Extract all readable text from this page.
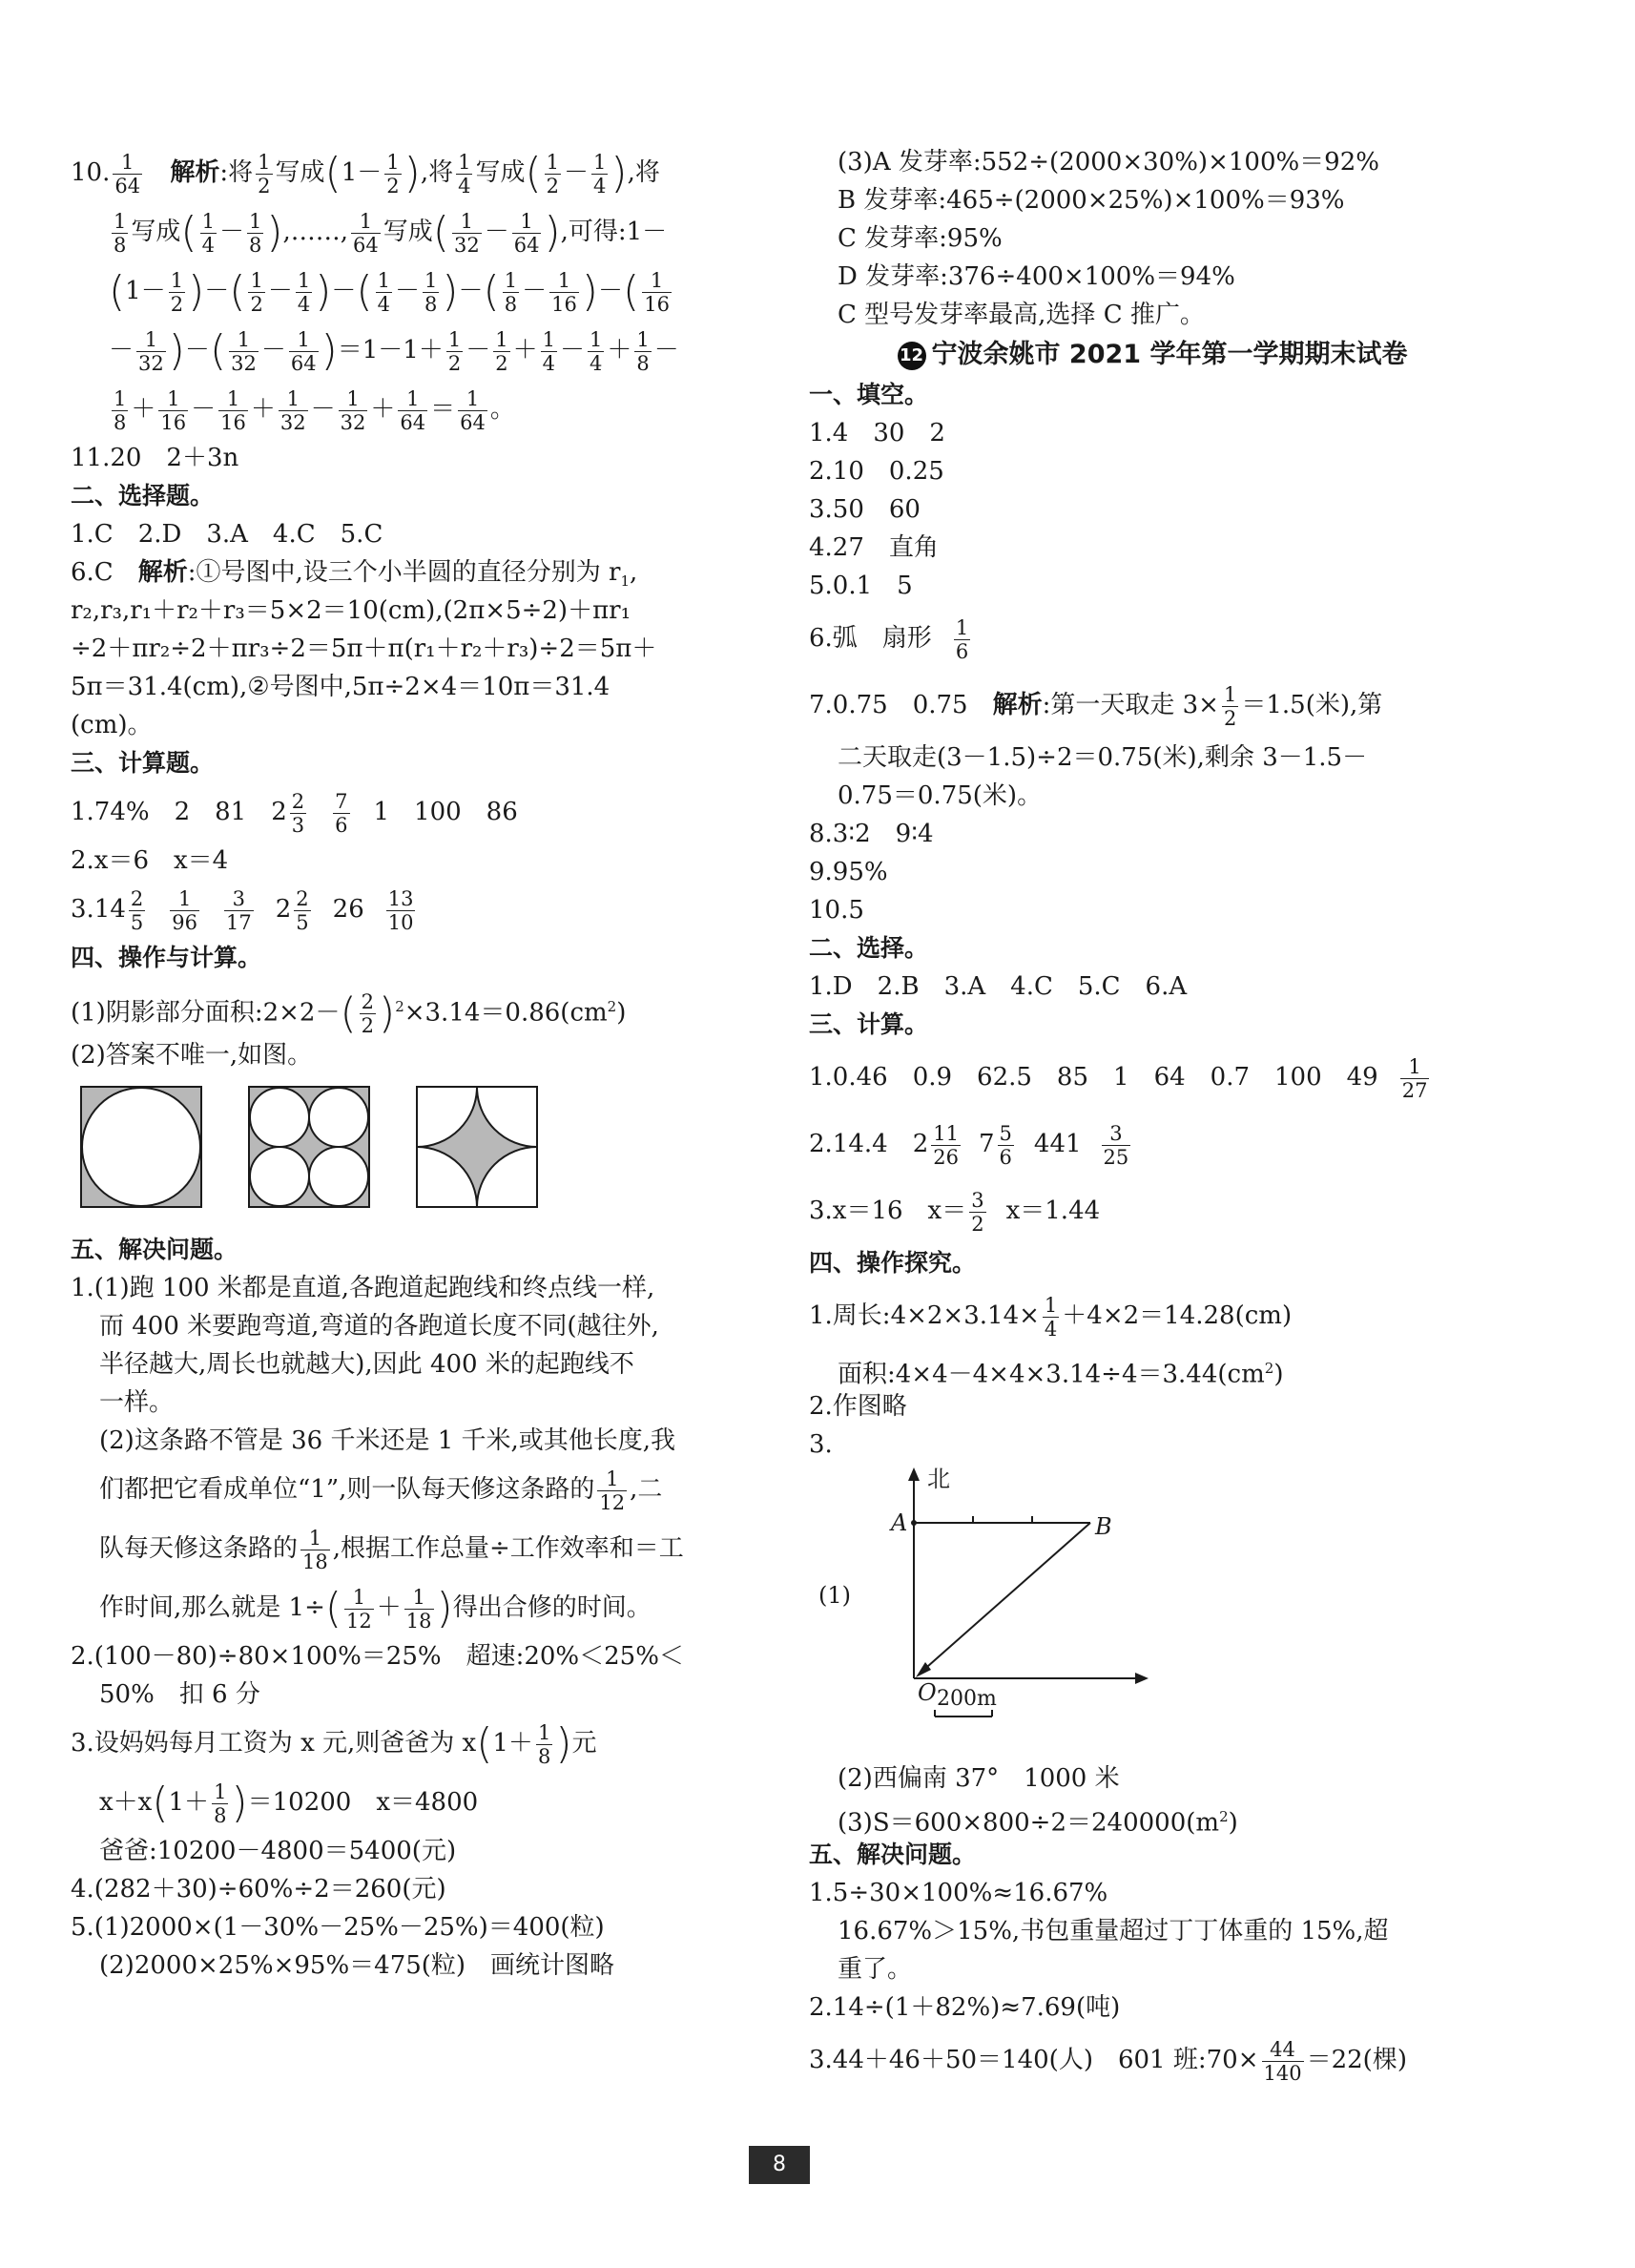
10. $\frac{1}{64}$ 解析:将 $\frac{1}{2}$ 写成($1- \frac{1}{2}$ ),将 $\frac{1}{4}$ 写成( $\frac{1}{2} - \frac{1}{4}$ ),将
$\frac{1}{8}$ 写成( $\frac{1}{4} - \frac{1}{8}$ ),……, $\frac{1}{64}$ 写成( $\frac{1}{32} - \frac{1}{64}$ ),可得:1－
($1- \frac{1}{2}$ )－( $\frac{1}{2} - \frac{1}{4}$ )－( $\frac{1}{4} - \frac{1}{8}$ )－( $\frac{1}{8} - \frac{1}{16}$ )－( $\frac{1}{16}$
－ $\frac{1}{32}$ )－( $\frac{1}{32} - \frac{1}{64} )=1-1+ \frac{1}{2} - \frac{1}{2} + \frac{1}{4} - \frac{1}{4} + \frac{1}{8}$ －
$\frac{1}{8} + \frac{1}{16} - \frac{1}{16} + \frac{1}{32} - \frac{1}{32} + \frac{1}{64} = \frac{1}{64}$ 。
11.20　2＋3n
二、选择题。
1.C　2.D　3.A　4.C　5.C
6.C　解析:①号图中,设三个小半圆的直径分别为 $r_1$,
r₂,r₃,r₁＋r₂＋r₃＝5×2＝10(cm),(2π×5÷2)＋πr₁
÷2＋πr₂÷2＋πr₃÷2＝5π＋π(r₁＋r₂＋r₃)÷2＝5π＋
5π＝31.4(cm),②号图中,5π÷2×4＝10π＝31.4
(cm)。
三、计算题。
1.74%　2　81　$2 \frac{2}{3} \frac{7}{6} 1$　100　86
2.x＝6　x＝4
$3.14 \frac{2}{5} \frac{1}{96} \frac{3}{17} 2 \frac{2}{5} 26 \frac{13}{10}$
四、操作与计算。
(1)阴影部分面积:2×2－( $\frac{2}{2} )^2\times 3.14=0.86(cm^2)$
(2)答案不唯一,如图。
五、解决问题。
1.(1)跑 100 米都是直道,各跑道起跑线和终点线一样,
而 400 米要跑弯道,弯道的各跑道长度不同(越往外,
半径越大,周长也就越大),因此 400 米的起跑线不
一样。
(2)这条路不管是 36 千米还是 1 千米,或其他长度,我
们都把它看成单位“1”,则一队每天修这条路的 $\frac{1}{12}$ ,二
队每天修这条路的 $\frac{1}{18}$ ,根据工作总量÷工作效率和＝工
作时间,那么就是 $1\div( \frac{1}{12} + \frac{1}{18}$ )得出合修的时间。
2.(100－80)÷80×100%＝25%　超速:20%＜25%＜
50%　扣 6 分
3.设妈妈每月工资为 x 元,则爸爸为 $x(1+ \frac{1}{8}$ )元
$x+x(1+ \frac{1}{8} )=10200$　x＝4800
爸爸:10200－4800＝5400(元)
4.(282＋30)÷60%÷2＝260(元)
5.(1)2000×(1－30%－25%－25%)＝400(粒)
(2)2000×25%×95%＝475(粒)　画统计图略
(3)A 发芽率:552÷(2000×30%)×100%＝92%
B 发芽率:465÷(2000×25%)×100%＝93%
C 发芽率:95%
D 发芽率:376÷400×100%＝94%
C 型号发芽率最高,选择 C 推广。
12 宁波余姚市 2021 学年第一学期期末试卷
一、填空。
1.4　30　2
2.10　0.25
3.50　60
4.27　直角
5.0.1　5
6.弧　扇形 $\frac{1}{6}$
7.0.75　0.75　解析:第一天取走 $3\times \frac{1}{2} =1.5$(米),第
二天取走(3－1.5)÷2＝0.75(米),剩余 3－1.5－
0.75＝0.75(米)。
8.3∶2　9∶4
9.95%
10.5
二、选择。
1.D　2.B　3.A　4.C　5.C　6.A
三、计算。
1.0.46　0.9　62.5　85　1　64　0.7　100　$49 \frac{1}{27}$
2.14.4　$2 \frac{11}{26} 7 \frac{5}{6} 441 \frac{3}{25}$
3.x＝16　$x= \frac{3}{2} x=1.44$
四、操作探究。
1.周长:4×2×3.14× $\frac{1}{4} +4\times 2=14.28(cm)$
面积$:4\times 4-4\times 4\times 3.14\div 4=3.44(cm^2)$
2.作图略
3.
北
A	B
O
(1)
200m
(2)西偏南 37°　1000 米
$(3)S=600\times 800\div 2=240000(m^2)$
五、解决问题。
1.5÷30×100%≈16.67%
16.67%＞15%,书包重量超过丁丁体重的 15%,超
重了。
2.14÷(1＋82%)≈7.69(吨)
3.44＋46＋50＝140(人)　601 班:70× $\frac{44}{140} =22$(棵)
8
